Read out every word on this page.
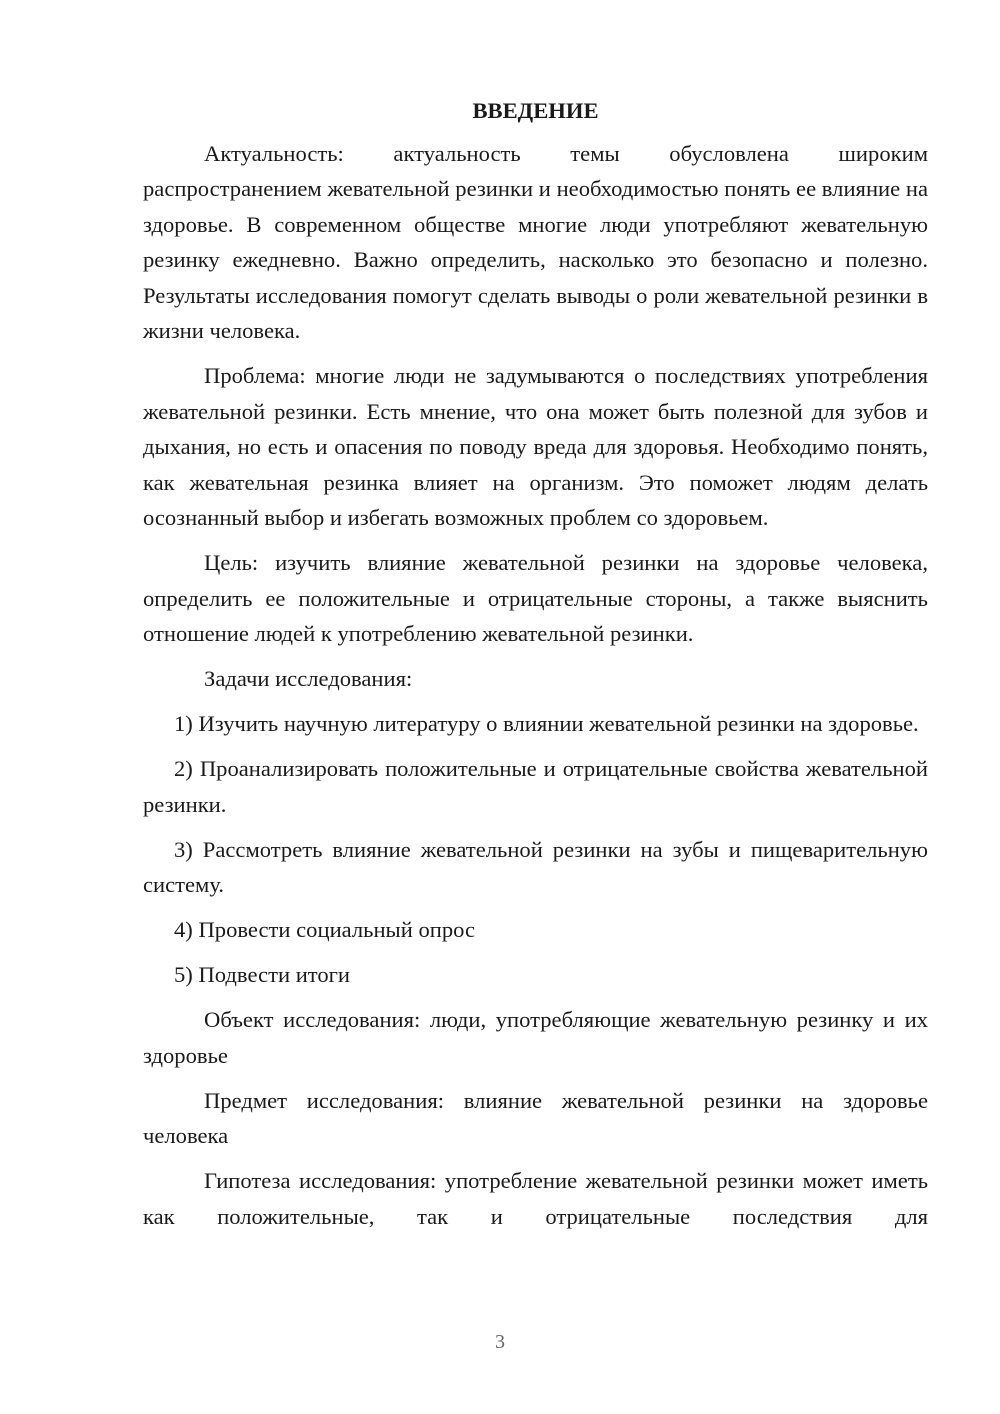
ВВЕДЕНИЕ

Актуальность: актуальность темы обусловлена широким распространением жевательной резинки и необходимостью понять ее влияние на здоровье. В современном обществе многие люди употребляют жевательную резинку ежедневно. Важно определить, насколько это безопасно и полезно. Результаты исследования помогут сделать выводы о роли жевательной резинки в жизни человека.

Проблема: многие люди не задумываются о последствиях употребления жевательной резинки. Есть мнение, что она может быть полезной для зубов и дыхания, но есть и опасения по поводу вреда для здоровья. Необходимо понять, как жевательная резинка влияет на организм. Это поможет людям делать осознанный выбор и избегать возможных проблем со здоровьем.

Цель: изучить влияние жевательной резинки на здоровье человека, определить ее положительные и отрицательные стороны, а также выяснить отношение людей к употреблению жевательной резинки.

Задачи исследования:

1) Изучить научную литературу о влиянии жевательной резинки на здоровье.

2) Проанализировать положительные и отрицательные свойства жевательной резинки.

3) Рассмотреть влияние жевательной резинки на зубы и пищеварительную систему.

4) Провести социальный опрос

5) Подвести итоги

Объект исследования: люди, употребляющие жевательную резинку и их здоровье

Предмет исследования: влияние жевательной резинки на здоровье человека

Гипотеза исследования: употребление жевательной резинки может иметь как положительные, так и отрицательные последствия для

3
